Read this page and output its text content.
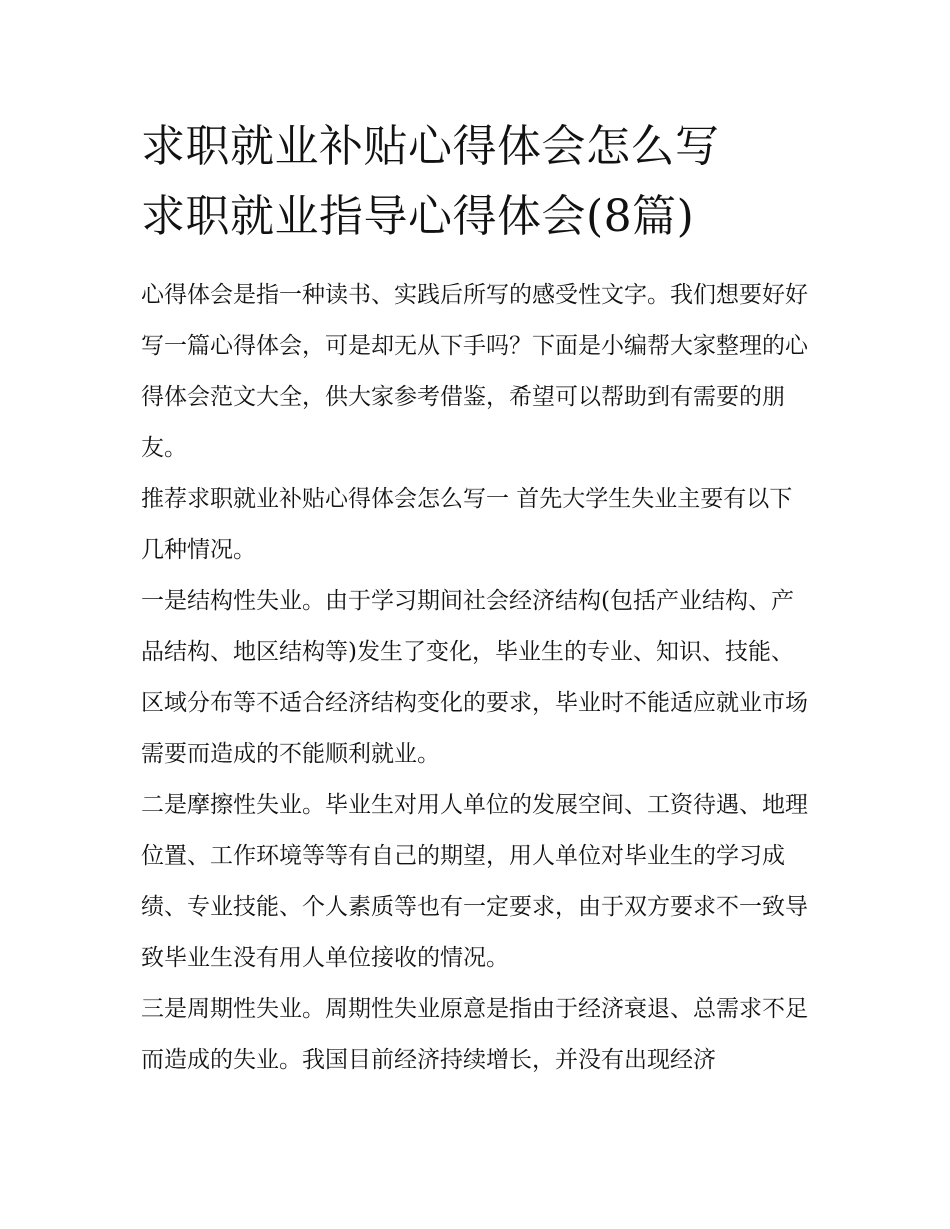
求职就业补贴心得体会怎么写
求职就业指导心得体会(8篇)

心得体会是指一种读书、实践后所写的感受性文字。我们想要好好写一篇心得体会，可是却无从下手吗？下面是小编帮大家整理的心得体会范文大全，供大家参考借鉴，希望可以帮助到有需要的朋友。

推荐求职就业补贴心得体会怎么写一 首先大学生失业主要有以下几种情况。

一是结构性失业。由于学习期间社会经济结构(包括产业结构、产品结构、地区结构等)发生了变化，毕业生的专业、知识、技能、区域分布等不适合经济结构变化的要求，毕业时不能适应就业市场需要而造成的不能顺利就业。

二是摩擦性失业。毕业生对用人单位的发展空间、工资待遇、地理位置、工作环境等等有自己的期望，用人单位对毕业生的学习成绩、专业技能、个人素质等也有一定要求，由于双方要求不一致导致毕业生没有用人单位接收的情况。

三是周期性失业。周期性失业原意是指由于经济衰退、总需求不足而造成的失业。我国目前经济持续增长，并没有出现经济
